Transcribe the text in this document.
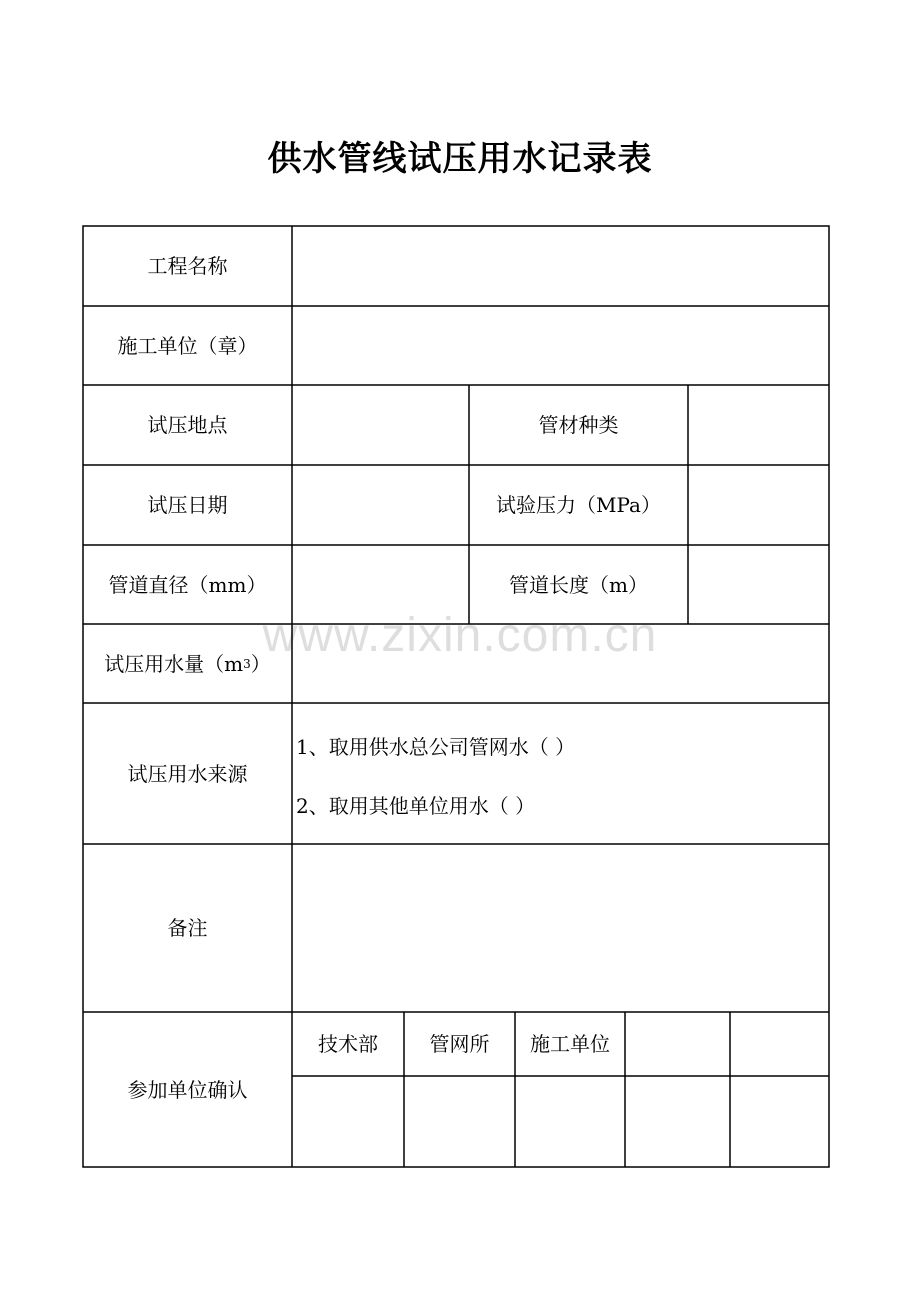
供水管线试压用水记录表
工程名称
施工单位（章）
试压地点	管材种类
试压日期	试验压力（MPa）
管道直径（mm）	管道长度（m）
试压用水量（m 3 ）
试压用水来源
1、取用供水总公司管网水（ ）
2、取用其他单位用水（ ）
备注
参加单位确认
技术部	管网所	施工单位
www.zixin.com.cn
